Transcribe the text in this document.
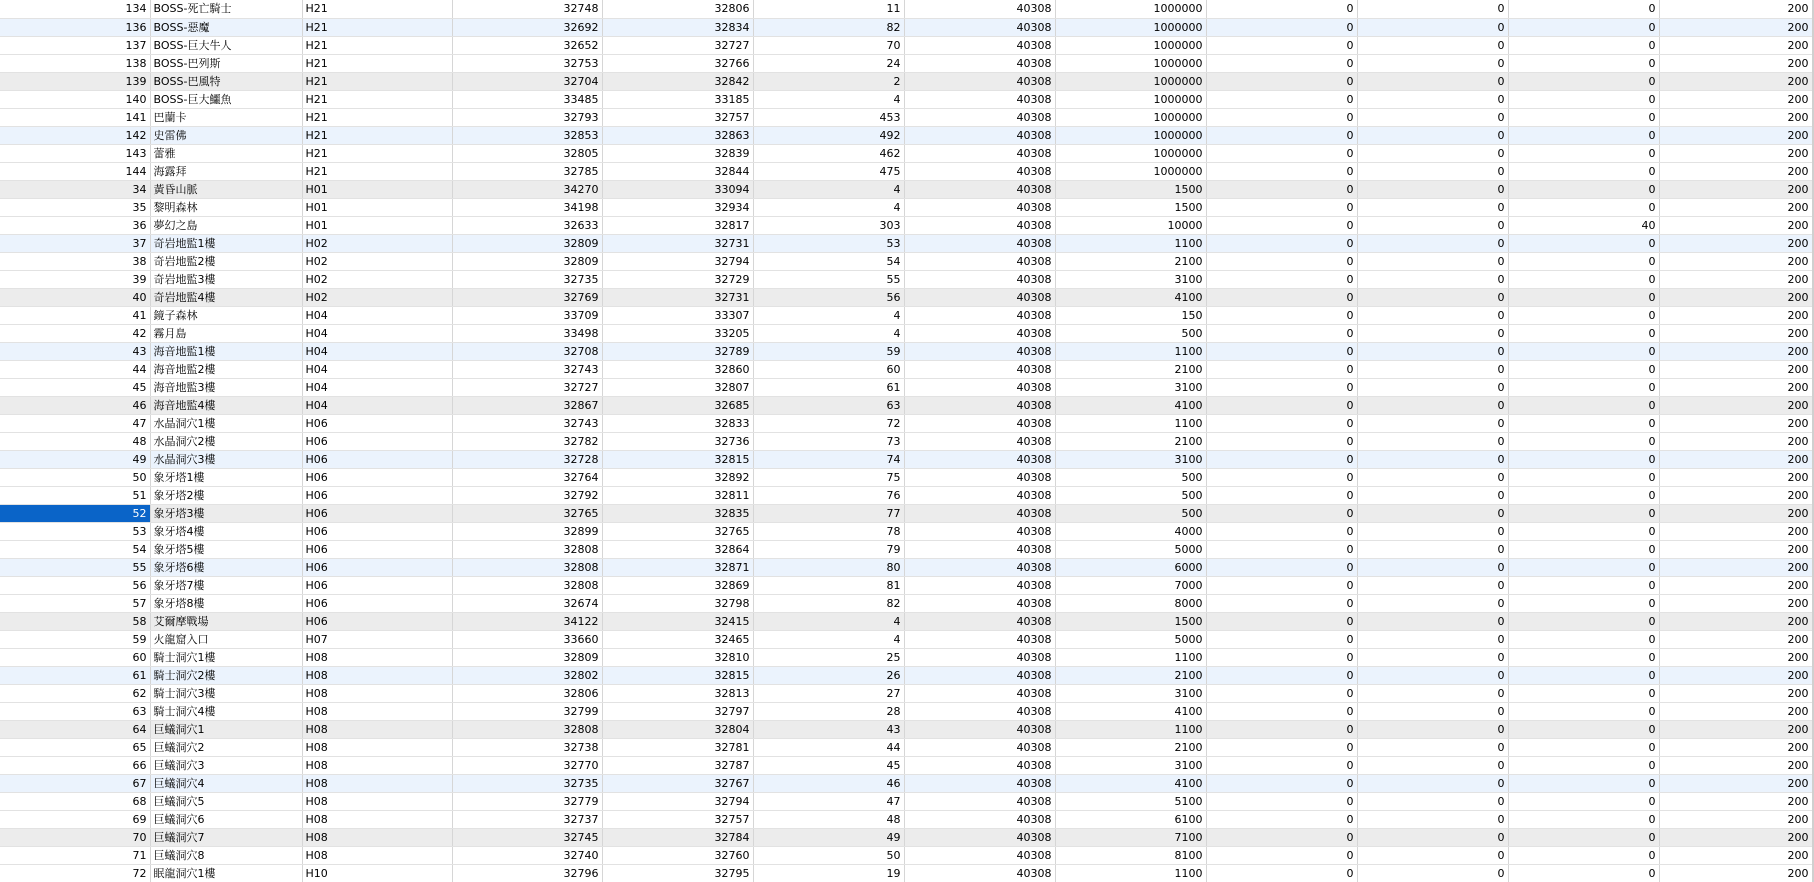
134	BOSS-死亡騎士	H21	32748	32806	11	40308	1000000	0	0	0	200
136	BOSS-惡魔	H21	32692	32834	82	40308	1000000	0	0	0	200
137	BOSS-巨大牛人	H21	32652	32727	70	40308	1000000	0	0	0	200
138	BOSS-巴列斯	H21	32753	32766	24	40308	1000000	0	0	0	200
139	BOSS-巴風特	H21	32704	32842	2	40308	1000000	0	0	0	200
140	BOSS-巨大鱷魚	H21	33485	33185	4	40308	1000000	0	0	0	200
141	巴蘭卡	H21	32793	32757	453	40308	1000000	0	0	0	200
142	史雷佛	H21	32853	32863	492	40308	1000000	0	0	0	200
143	蕾雅	H21	32805	32839	462	40308	1000000	0	0	0	200
144	海露拜	H21	32785	32844	475	40308	1000000	0	0	0	200
34	黃昏山脈	H01	34270	33094	4	40308	1500	0	0	0	200
35	黎明森林	H01	34198	32934	4	40308	1500	0	0	0	200
36	夢幻之島	H01	32633	32817	303	40308	10000	0	0	40	200
37	奇岩地監1樓	H02	32809	32731	53	40308	1100	0	0	0	200
38	奇岩地監2樓	H02	32809	32794	54	40308	2100	0	0	0	200
39	奇岩地監3樓	H02	32735	32729	55	40308	3100	0	0	0	200
40	奇岩地監4樓	H02	32769	32731	56	40308	4100	0	0	0	200
41	鏡子森林	H04	33709	33307	4	40308	150	0	0	0	200
42	霧月島	H04	33498	33205	4	40308	500	0	0	0	200
43	海音地監1樓	H04	32708	32789	59	40308	1100	0	0	0	200
44	海音地監2樓	H04	32743	32860	60	40308	2100	0	0	0	200
45	海音地監3樓	H04	32727	32807	61	40308	3100	0	0	0	200
46	海音地監4樓	H04	32867	32685	63	40308	4100	0	0	0	200
47	水晶洞穴1樓	H06	32743	32833	72	40308	1100	0	0	0	200
48	水晶洞穴2樓	H06	32782	32736	73	40308	2100	0	0	0	200
49	水晶洞穴3樓	H06	32728	32815	74	40308	3100	0	0	0	200
50	象牙塔1樓	H06	32764	32892	75	40308	500	0	0	0	200
51	象牙塔2樓	H06	32792	32811	76	40308	500	0	0	0	200
52	象牙塔3樓	H06	32765	32835	77	40308	500	0	0	0	200
53	象牙塔4樓	H06	32899	32765	78	40308	4000	0	0	0	200
54	象牙塔5樓	H06	32808	32864	79	40308	5000	0	0	0	200
55	象牙塔6樓	H06	32808	32871	80	40308	6000	0	0	0	200
56	象牙塔7樓	H06	32808	32869	81	40308	7000	0	0	0	200
57	象牙塔8樓	H06	32674	32798	82	40308	8000	0	0	0	200
58	艾爾摩戰場	H06	34122	32415	4	40308	1500	0	0	0	200
59	火龍窟入口	H07	33660	32465	4	40308	5000	0	0	0	200
60	騎士洞穴1樓	H08	32809	32810	25	40308	1100	0	0	0	200
61	騎士洞穴2樓	H08	32802	32815	26	40308	2100	0	0	0	200
62	騎士洞穴3樓	H08	32806	32813	27	40308	3100	0	0	0	200
63	騎士洞穴4樓	H08	32799	32797	28	40308	4100	0	0	0	200
64	巨蟻洞穴1	H08	32808	32804	43	40308	1100	0	0	0	200
65	巨蟻洞穴2	H08	32738	32781	44	40308	2100	0	0	0	200
66	巨蟻洞穴3	H08	32770	32787	45	40308	3100	0	0	0	200
67	巨蟻洞穴4	H08	32735	32767	46	40308	4100	0	0	0	200
68	巨蟻洞穴5	H08	32779	32794	47	40308	5100	0	0	0	200
69	巨蟻洞穴6	H08	32737	32757	48	40308	6100	0	0	0	200
70	巨蟻洞穴7	H08	32745	32784	49	40308	7100	0	0	0	200
71	巨蟻洞穴8	H08	32740	32760	50	40308	8100	0	0	0	200
72	眠龍洞穴1樓	H10	32796	32795	19	40308	1100	0	0	0	200
